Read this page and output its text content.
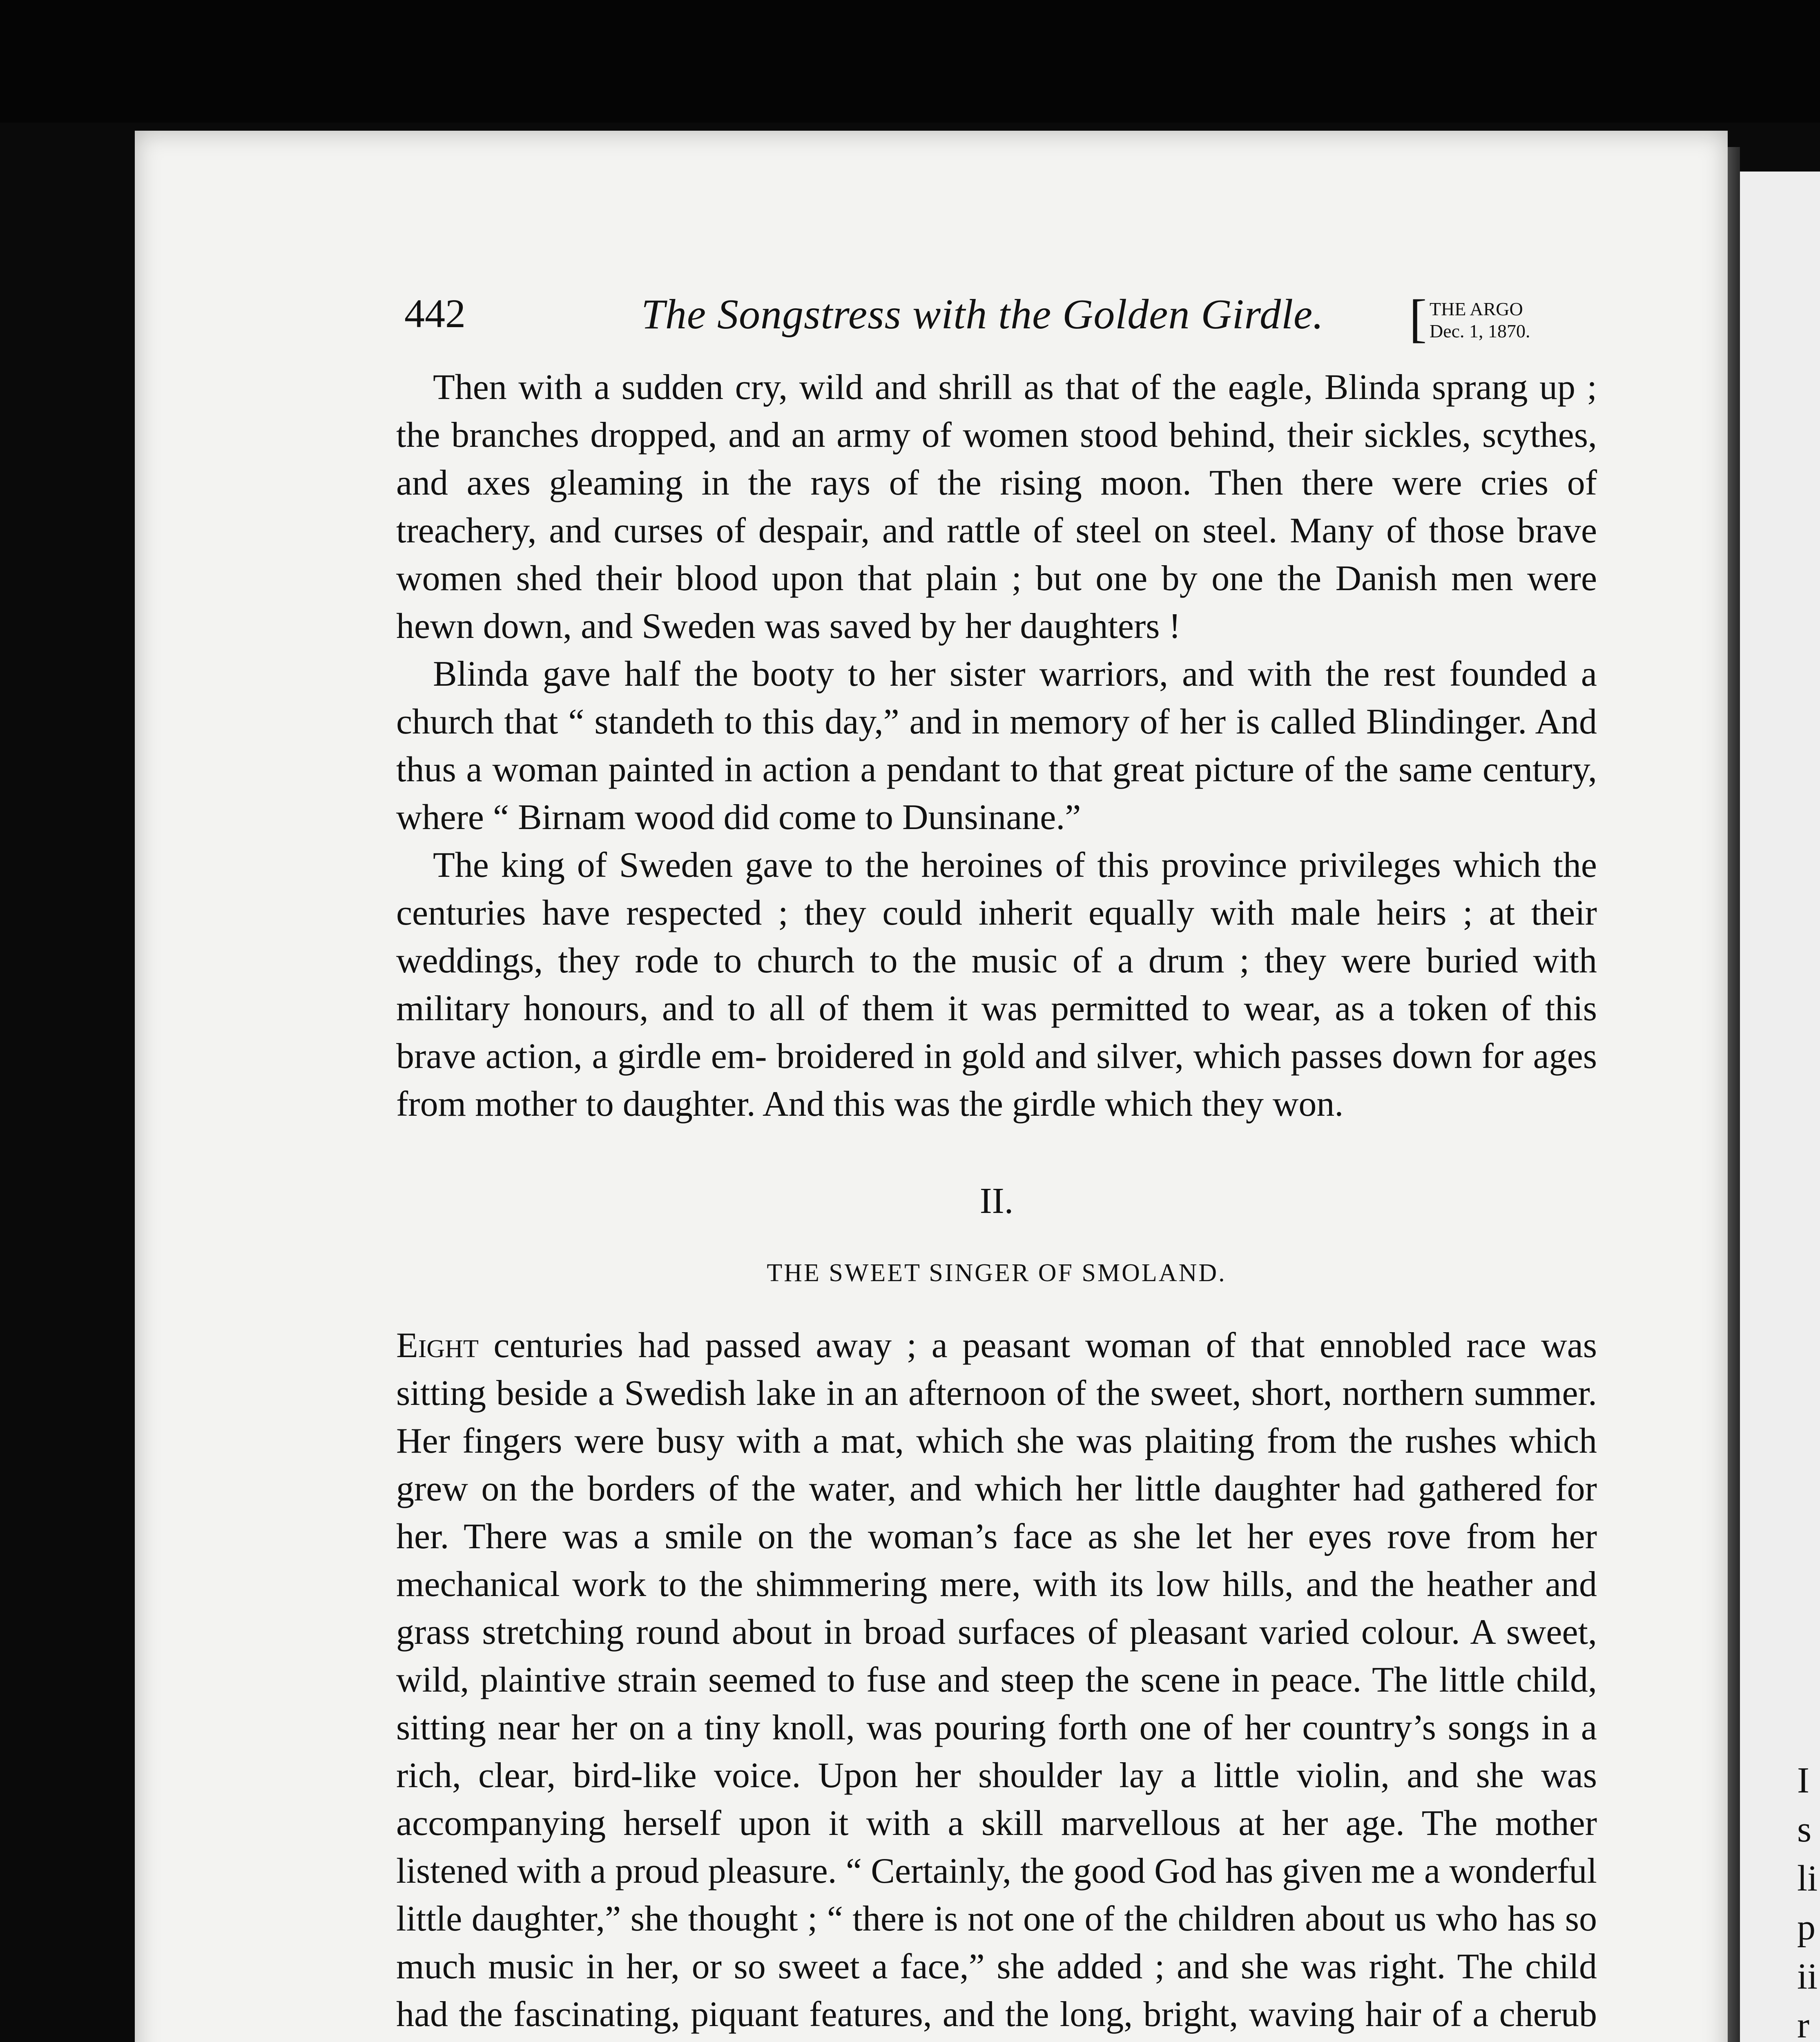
442	The Songstress with the Golden Girdle. [ THE ARGO
Dec. 1, 1870.

Then with a sudden cry, wild and shrill as that of the eagle, Blinda sprang up ; the branches dropped, and an army of women stood behind, their sickles, scythes, and axes gleaming in the rays of the rising moon. Then there were cries of treachery, and curses of despair, and rattle of steel on steel. Many of those brave women shed their blood upon that plain ; but one by one the Danish men were hewn down, and Sweden was saved by her daughters !

Blinda gave half the booty to her sister warriors, and with the rest founded a church that “ standeth to this day,” and in memory of her is called Blindinger. And thus a woman painted in action a pendant to that great picture of the same century, where “ Birnam wood did come to Dunsinane.”

The king of Sweden gave to the heroines of this province privileges which the centuries have respected ; they could inherit equally with male heirs ; at their weddings, they rode to church to the music of a drum ; they were buried with military honours, and to all of them it was permitted to wear, as a token of this brave action, a girdle em- broidered in gold and silver, which passes down for ages from mother to daughter. And this was the girdle which they won.

II.
THE SWEET SINGER OF SMOLAND.

Eight centuries had passed away ; a peasant woman of that ennobled race was sitting beside a Swedish lake in an afternoon of the sweet, short, northern summer. Her fingers were busy with a mat, which she was plaiting from the rushes which grew on the borders of the water, and which her little daughter had gathered for her. There was a smile on the woman’s face as she let her eyes rove from her mechanical work to the shimmering mere, with its low hills, and the heather and grass stretching round about in broad surfaces of pleasant varied colour. A sweet, wild, plaintive strain seemed to fuse and steep the scene in peace. The little child, sitting near her on a tiny knoll, was pouring forth one of her country’s songs in a rich, clear, bird-like voice. Upon her shoulder lay a little violin, and she was accompanying herself upon it with a skill marvellous at her age. The mother listened with a proud pleasure. “ Certainly, the good God has given me a wonderful little daughter,” she thought ; “ there is not one of the children about us who has so much music in her, or so sweet a face,” she added ; and she was right. The child had the fascinating, piquant features, and the long, bright, waving hair of a cherub

I
s
li
p
ii
r
